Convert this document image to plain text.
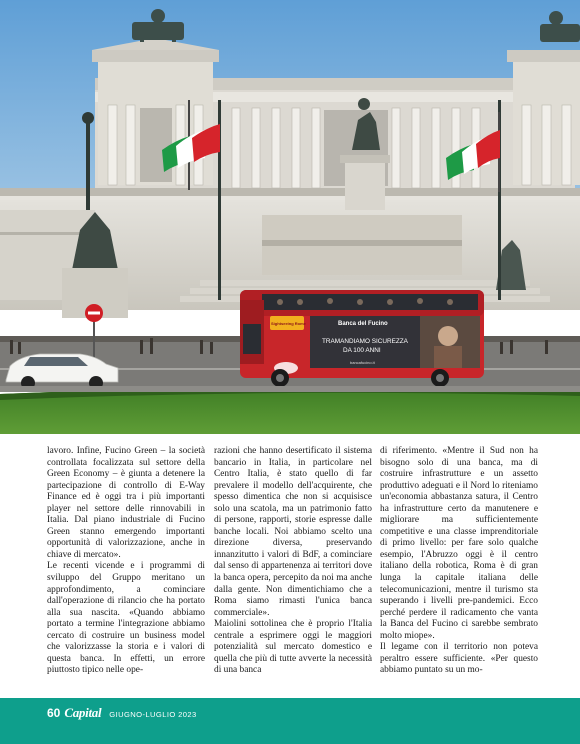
Banca del Fucino
TRAMANDIAMO SICUREZZA
DA 100 ANNI
bancafucino.it
Sightseeing Rome

lavoro. Infine, Fucino Green – la società controllata focalizzata sul settore della Green Economy – è giunta a detenere la partecipazione di controllo di E-Way Finance ed è oggi tra i più importanti player nel settore delle rinnovabili in Italia. Dal piano industriale di Fucino Green stanno emergendo importanti opportunità di valorizzazione, anche in chiave di mercato».

Le recenti vicende e i programmi di sviluppo del Gruppo meritano un approfondimento, a cominciare dall'operazione di rilancio che ha portato alla sua nascita. «Quando abbiamo portato a termine l'integrazione abbiamo cercato di costruire un business model che valorizzasse la storia e i valori di questa banca. In effetti, un errore piuttosto tipico nelle ope-

razioni che hanno desertificato il sistema bancario in Italia, in particolare nel Centro Italia, è stato quello di far prevalere il modello dell'acquirente, che spesso dimentica che non si acquisisce solo una scatola, ma un patrimonio fatto di persone, rapporti, storie espresse dalle banche locali. Noi abbiamo scelto una direzione diversa, preservando innanzitutto i valori di BdF, a cominciare dal senso di appartenenza ai territori dove la banca opera, percepito da noi ma anche dalla gente. Non dimentichiamo che a Roma siamo rimasti l'unica banca commerciale».

Maiolini sottolinea che è proprio l'Italia centrale a esprimere oggi le maggiori potenzialità sul mercato domestico e quella che più di tutte avverte la necessità di una banca

di riferimento. «Mentre il Sud non ha bisogno solo di una banca, ma di costruire infrastrutture e un assetto produttivo adeguati e il Nord lo riteniamo un'economia abbastanza satura, il Centro ha infrastrutture certo da manutenere e migliorare ma sufficientemente competitive e una classe imprenditoriale di primo livello: per fare solo qualche esempio, l'Abruzzo oggi è il centro italiano della robotica, Roma è di gran lunga la capitale italiana delle telecomunicazioni, mentre il turismo sta superando i livelli pre-pandemici. Ecco perché perdere il radicamento che vanta la Banca del Fucino ci sarebbe sembrato molto miope».

Il legame con il territorio non poteva peraltro essere sufficiente. «Per questo abbiamo puntato su un mo-

60 Capital GIUGNO-LUGLIO 2023
